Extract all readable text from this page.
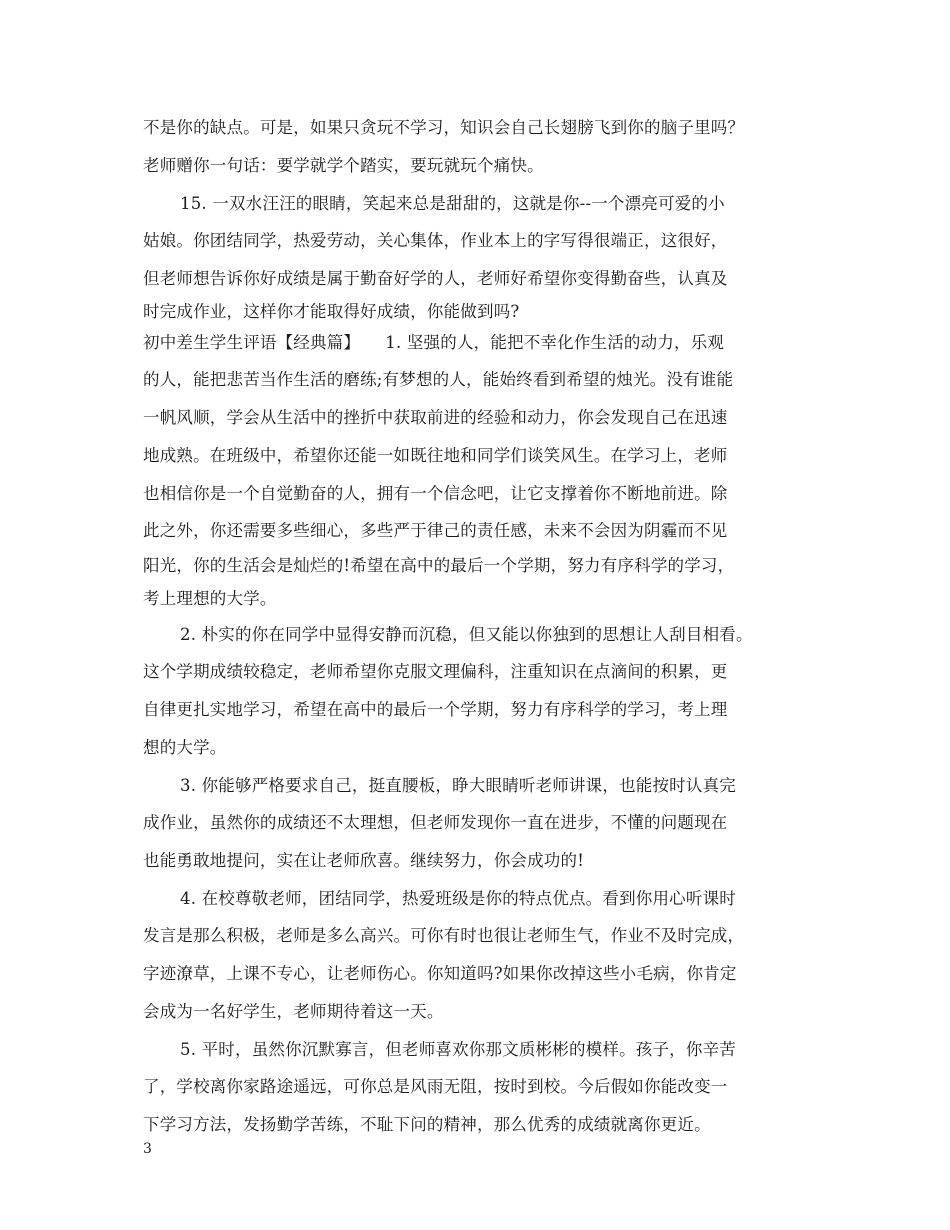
不是你的缺点。可是，如果只贪玩不学习，知识会自己长翅膀飞到你的脑子里吗？
老师赠你一句话：要学就学个踏实，要玩就玩个痛快。
15. 一双水汪汪的眼睛，笑起来总是甜甜的，这就是你--一个漂亮可爱的小
姑娘。你团结同学，热爱劳动，关心集体，作业本上的字写得很端正，这很好，
但老师想告诉你好成绩是属于勤奋好学的人，老师好希望你变得勤奋些，认真及
时完成作业，这样你才能取得好成绩，你能做到吗?
初中差生学生评语【经典篇】　　1. 坚强的人，能把不幸化作生活的动力，乐观
的人，能把悲苦当作生活的磨练;有梦想的人，能始终看到希望的烛光。没有谁能
一帆风顺，学会从生活中的挫折中获取前进的经验和动力，你会发现自己在迅速
地成熟。在班级中，希望你还能一如既往地和同学们谈笑风生。在学习上，老师
也相信你是一个自觉勤奋的人，拥有一个信念吧，让它支撑着你不断地前进。除
此之外，你还需要多些细心，多些严于律己的责任感，未来不会因为阴霾而不见
阳光，你的生活会是灿烂的!希望在高中的最后一个学期，努力有序科学的学习，
考上理想的大学。
2. 朴实的你在同学中显得安静而沉稳，但又能以你独到的思想让人刮目相看。
这个学期成绩较稳定，老师希望你克服文理偏科，注重知识在点滴间的积累，更
自律更扎实地学习，希望在高中的最后一个学期，努力有序科学的学习，考上理
想的大学。
3. 你能够严格要求自己，挺直腰板，睁大眼睛听老师讲课，也能按时认真完
成作业，虽然你的成绩还不太理想，但老师发现你一直在进步，不懂的问题现在
也能勇敢地提问，实在让老师欣喜。继续努力，你会成功的!
4. 在校尊敬老师，团结同学，热爱班级是你的特点优点。看到你用心听课时
发言是那么积极，老师是多么高兴。可你有时也很让老师生气，作业不及时完成，
字迹潦草，上课不专心，让老师伤心。你知道吗?如果你改掉这些小毛病，你肯定
会成为一名好学生，老师期待着这一天。
5. 平时，虽然你沉默寡言，但老师喜欢你那文质彬彬的模样。孩子，你辛苦
了，学校离你家路途遥远，可你总是风雨无阻，按时到校。今后假如你能改变一
下学习方法，发扬勤学苦练，不耻下问的精神，那么优秀的成绩就离你更近。
3
